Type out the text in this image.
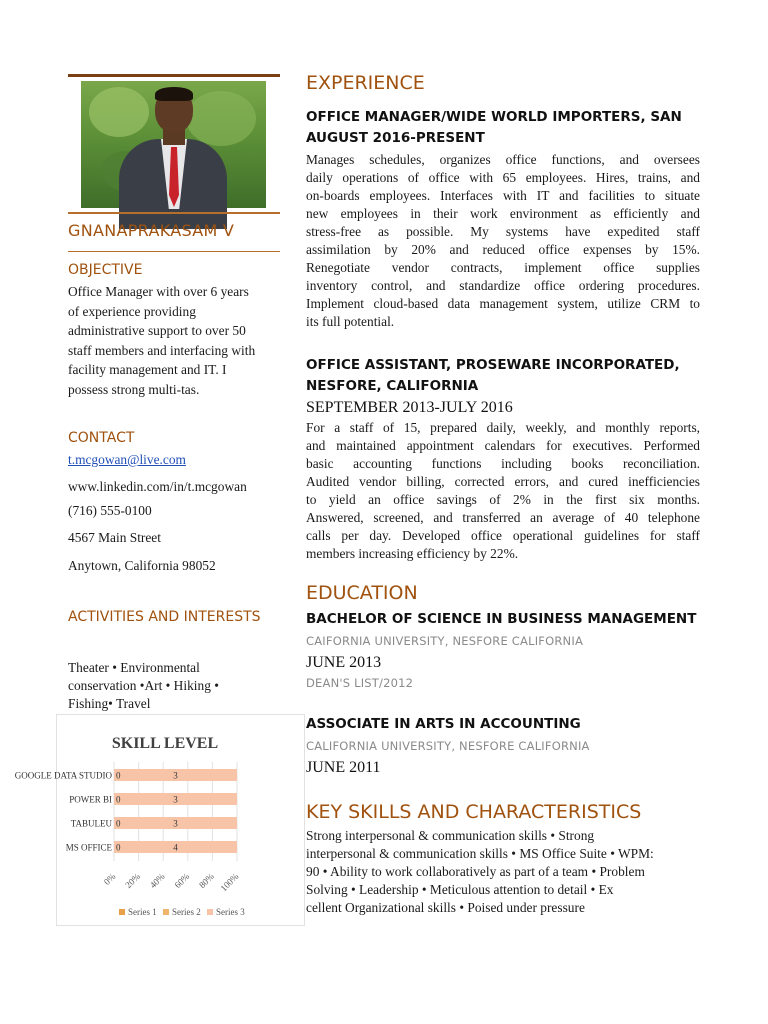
GNANAPRAKASAM V
OBJECTIVE
Office Manager with over 6 years
of experience providing
administrative support to over 50
staff members and interfacing with
facility management and IT. I
possess strong multi-tas.
CONTACT
t.mcgowan@live.com
www.linkedin.com/in/t.mcgowan
(716) 555-0100
4567 Main Street
Anytown, California 98052
ACTIVITIES AND INTERESTS
Theater • Environmental
conservation •Art • Hiking •
Fishing• Travel
SKILL LEVEL
GOOGLE DATA STUDIO 0	3
POWER BI 0	3
TABULEU 0	3
MS OFFICE 0	4
0% 20% 40% 60% 80% 100%
Series 1 Series 2 Series 3
EXPERIENCE
OFFICE MANAGER/WIDE WORLD IMPORTERS, SAN
AUGUST 2016-PRESENT
Manages schedules, organizes office functions, and oversees
daily operations of office with 65 employees. Hires, trains, and
on-boards employees. Interfaces with IT and facilities to situate
new employees in their work environment as efficiently and
stress-free as possible. My systems have expedited staff
assimilation by 20% and reduced office expenses by 15%.
Renegotiate vendor contracts, implement office supplies
inventory control, and standardize office ordering procedures.
Implement cloud-based data management system, utilize CRM to
its full potential.
OFFICE ASSISTANT, PROSEWARE INCORPORATED,
NESFORE, CALIFORNIA
SEPTEMBER 2013-JULY 2016
For a staff of 15, prepared daily, weekly, and monthly reports,
and maintained appointment calendars for executives. Performed
basic accounting functions including books reconciliation.
Audited vendor billing, corrected errors, and cured inefficiencies
to yield an office savings of 2% in the first six months.
Answered, screened, and transferred an average of 40 telephone
calls per day. Developed office operational guidelines for staff
members increasing efficiency by 22%.
EDUCATION
BACHELOR OF SCIENCE IN BUSINESS MANAGEMENT
CAIFORNIA UNIVERSITY, NESFORE CALIFORNIA
JUNE 2013
DEAN'S LIST/2012
ASSOCIATE IN ARTS IN ACCOUNTING
CALIFORNIA UNIVERSITY, NESFORE CALIFORNIA
JUNE 2011
KEY SKILLS AND CHARACTERISTICS
Strong interpersonal & communication skills • Strong
interpersonal & communication skills • MS Office Suite • WPM:
90 • Ability to work collaboratively as part of a team • Problem
Solving • Leadership • Meticulous attention to detail • Ex
cellent Organizational skills • Poised under pressure
